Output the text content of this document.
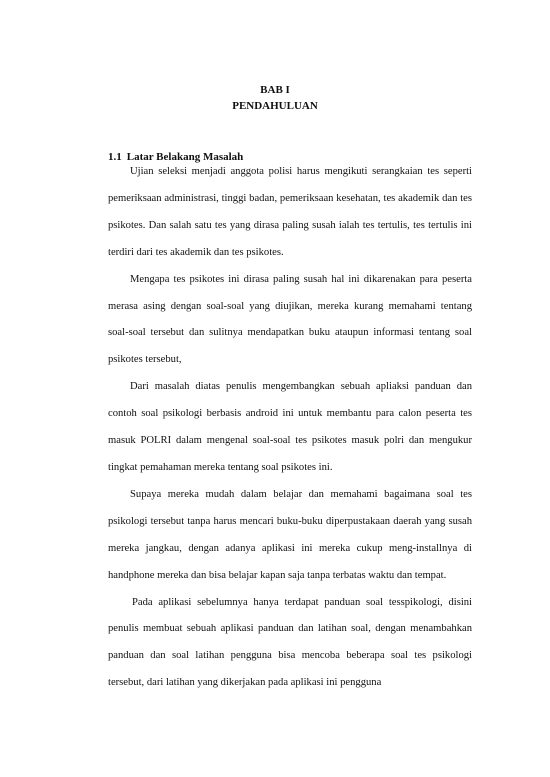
BAB I
PENDAHULUAN
1.1 Latar Belakang Masalah

Ujian seleksi menjadi anggota polisi harus mengikuti serangkaian tes seperti pemeriksaan administrasi, tinggi badan, pemeriksaan kesehatan, tes akademik dan tes psikotes. Dan salah satu tes yang dirasa paling susah ialah tes tertulis, tes tertulis ini terdiri dari tes akademik dan tes psikotes.

Mengapa tes psikotes ini dirasa paling susah hal ini dikarenakan para peserta merasa asing dengan soal-soal yang diujikan, mereka kurang memahami tentang soal-soal tersebut dan sulitnya mendapatkan buku ataupun informasi tentang soal psikotes tersebut,

Dari masalah diatas penulis mengembangkan sebuah apliaksi panduan dan contoh soal psikologi berbasis android ini untuk membantu para calon peserta tes masuk POLRI dalam mengenal soal-soal tes psikotes masuk polri dan mengukur tingkat pemahaman mereka tentang soal psikotes ini.

Supaya mereka mudah dalam belajar dan memahami bagaimana soal tes psikologi tersebut tanpa harus mencari buku-buku diperpustakaan daerah yang susah mereka jangkau, dengan adanya aplikasi ini mereka cukup meng-installnya di handphone mereka dan bisa belajar kapan saja tanpa terbatas waktu dan tempat.

Pada aplikasi sebelumnya hanya terdapat panduan soal tesspikologi, disini penulis membuat sebuah aplikasi panduan dan latihan soal, dengan menambahkan panduan dan soal latihan pengguna bisa mencoba beberapa soal tes psikologi tersebut, dari latihan yang dikerjakan pada aplikasi ini pengguna
